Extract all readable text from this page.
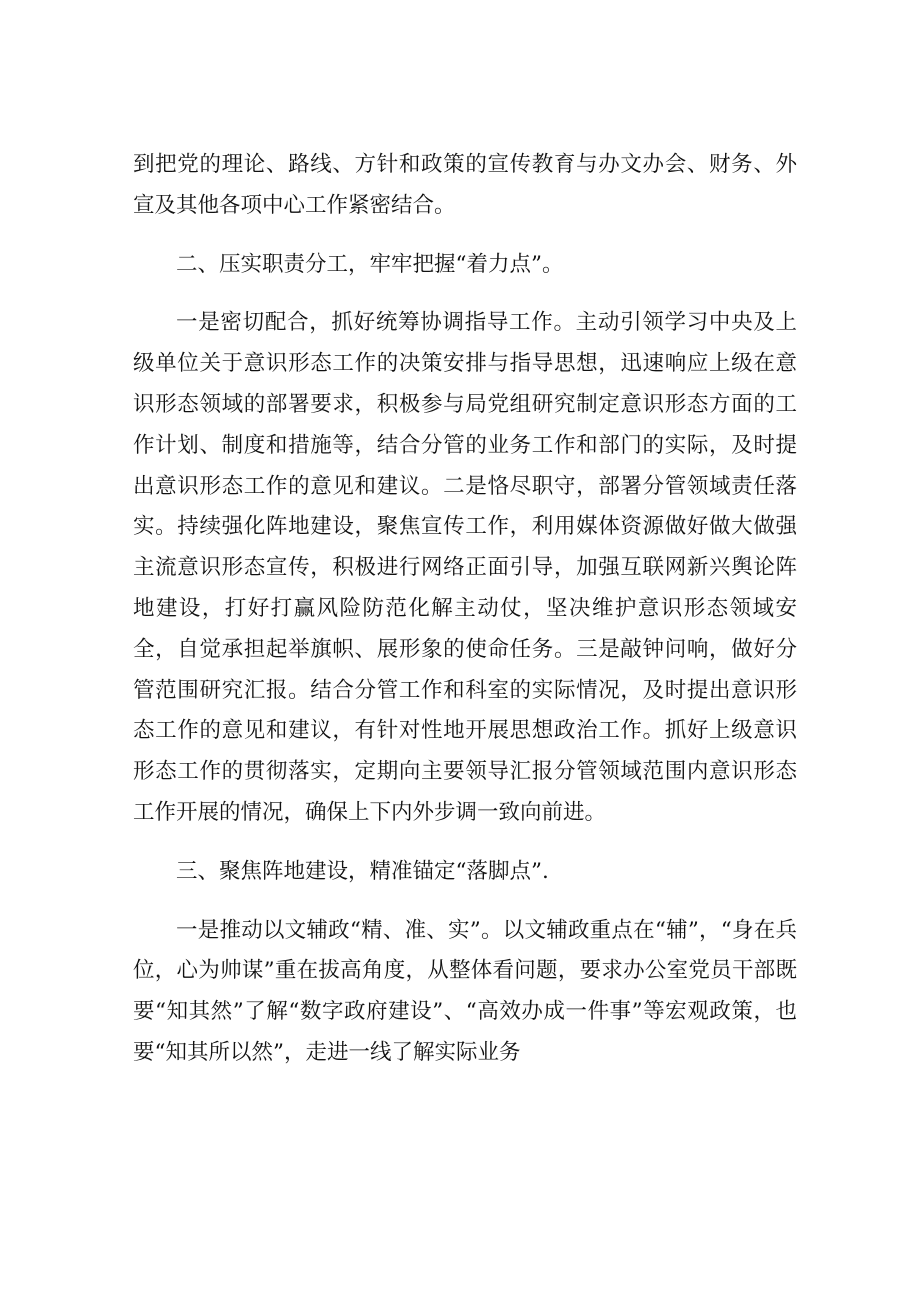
到把党的理论、路线、方针和政策的宣传教育与办文办会、财务、外宣及其他各项中心工作紧密结合。

二、压实职责分工，牢牢把握“着力点”。

一是密切配合，抓好统筹协调指导工作。主动引领学习中央及上级单位关于意识形态工作的决策安排与指导思想，迅速响应上级在意识形态领域的部署要求，积极参与局党组研究制定意识形态方面的工作计划、制度和措施等，结合分管的业务工作和部门的实际，及时提出意识形态工作的意见和建议。二是恪尽职守，部署分管领域责任落实。持续强化阵地建设，聚焦宣传工作，利用媒体资源做好做大做强主流意识形态宣传，积极进行网络正面引导，加强互联网新兴舆论阵地建设，打好打赢风险防范化解主动仗，坚决维护意识形态领域安全，自觉承担起举旗帜、展形象的使命任务。三是敲钟问响，做好分管范围研究汇报。结合分管工作和科室的实际情况，及时提出意识形态工作的意见和建议，有针对性地开展思想政治工作。抓好上级意识形态工作的贯彻落实，定期向主要领导汇报分管领域范围内意识形态工作开展的情况，确保上下内外步调一致向前进。

三、聚焦阵地建设，精准锚定“落脚点”.

一是推动以文辅政“精、准、实”。以文辅政重点在“辅”，“身在兵位，心为帅谋”重在拔高角度，从整体看问题，要求办公室党员干部既要“知其然”了解“数字政府建设”、“高效办成一件事”等宏观政策，也要“知其所以然”，走进一线了解实际业务
